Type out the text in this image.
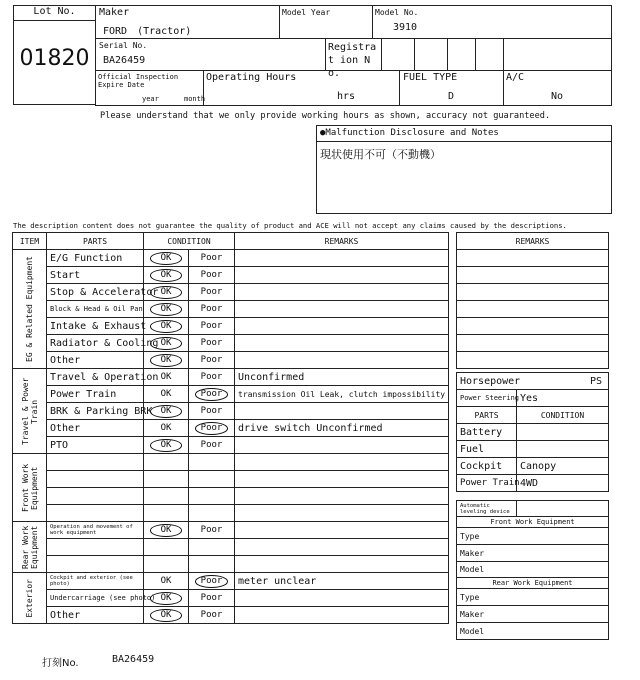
Lot No.
01820
Maker
FORD　(Tractor)
Model Year	Model No.
3910
Serial No.
BA26459
Registrat ion No.
Official Inspection Expire Date
year	month
Operating Hours
hrs
FUEL TYPE
D
A/C
No
Please understand that we only provide working hours as shown, accuracy not guaranteed.
●Malfunction Disclosure and Notes
現状使用不可（不動機）
The description content does not guarantee the quality of product and ACE will not accept any claims caused by the descriptions.
ITEM	PARTS	CONDITION		REMARKS

EG & Related Equipment	E/G Function	OK	Poor	
	Start	OK	Poor	
	Stop & Accelerator	OK	Poor	
	Block & Head & Oil Pan	OK	Poor	
	Intake & Exhaust	OK	Poor	
	Radiator & Cooling	OK	Poor	
	Other	OK	Poor	

Travel & Power Train	Travel & Operation	OK	Poor	Unconfirmed
	Power Train	OK	Poor	transmission Oil Leak, clutch impossibility
	BRK & Parking BRK	OK	Poor	
	Other	OK	Poor	drive switch Unconfirmed
	PTO	OK	Poor	

Front Work Equipment				

Rear Work Equipment	Operation and movement of work equipment	OK	Poor	

Exterior	Cockpit and exterior (see photo)	OK	Poor	meter unclear
	Undercarriage (see photo)	OK	Poor	
	Other	OK	Poor	
REMARKS

Horsepower PS	

Power Steering	Yes
PARTS	CONDITION
Battery	
Fuel	
Cockpit	Canopy
Power Train	4WD
Automatic leveling device	
Front Work Equipment
Type
Maker
Model
Rear Work Equipment
Type
Maker
Model
打刻No.	BA26459
